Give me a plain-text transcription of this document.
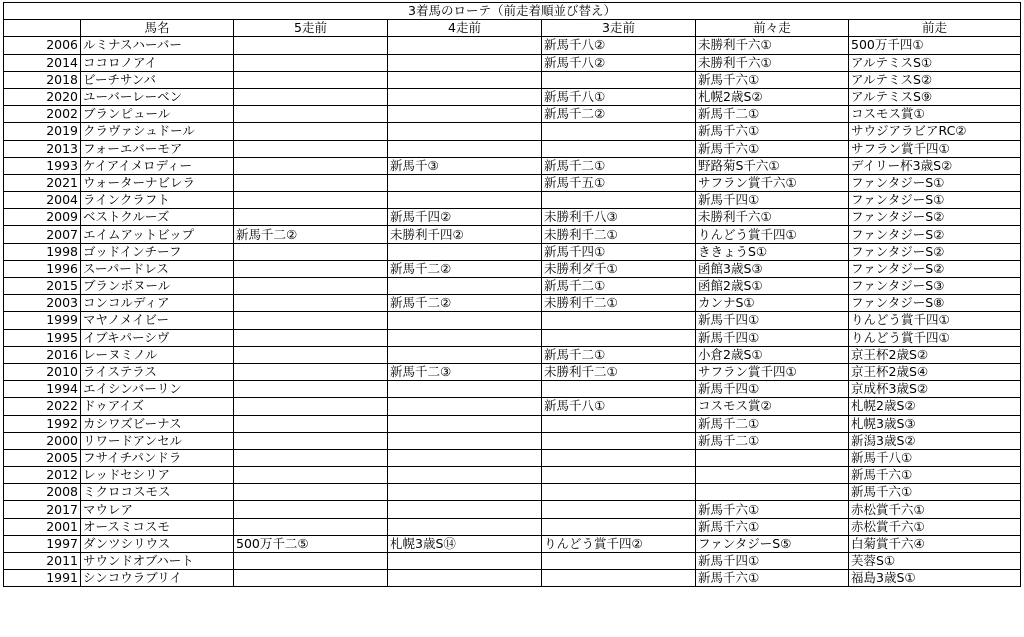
3着馬のローテ（前走着順並び替え）						
	馬名	5走前	4走前	3走前	前々走	前走
2006	ルミナスハーバー			新馬千八②	未勝利千六①	500万千四①
2014	ココロノアイ			新馬千八②	未勝利千六①	アルテミスS①
2018	ビーチサンバ				新馬千六①	アルテミスS②
2020	ユーバーレーベン			新馬千八①	札幌2歳S②	アルテミスS⑨
2002	ブランピュール			新馬千二②	新馬千二①	コスモス賞①
2019	クラヴァシュドール				新馬千六①	サウジアラビアRC②
2013	フォーエバーモア				新馬千六①	サフラン賞千四①
1993	ケイアイメロディー		新馬千③	新馬千二①	野路菊S千六①	デイリー杯3歳S②
2021	ウォーターナビレラ			新馬千五①	サフラン賞千六①	ファンタジーS①
2004	ラインクラフト				新馬千四①	ファンタジーS①
2009	ベストクルーズ		新馬千四②	未勝利千八③	未勝利千六①	ファンタジーS②
2007	エイムアットビップ	新馬千二②	未勝利千四②	未勝利千二①	りんどう賞千四①	ファンタジーS②
1998	ゴッドインチーフ			新馬千四①	ききょうS①	ファンタジーS②
1996	スーパードレス		新馬千二②	未勝利ダ千①	函館3歳S③	ファンタジーS②
2015	ブランボヌール			新馬千二①	函館2歳S①	ファンタジーS③
2003	コンコルディア		新馬千二②	未勝利千二①	カンナS①	ファンタジーS⑧
1999	マヤノメイビー				新馬千四①	りんどう賞千四①
1995	イブキパーシヴ				新馬千四①	りんどう賞千四①
2016	レーヌミノル			新馬千二①	小倉2歳S①	京王杯2歳S②
2010	ライステラス		新馬千二③	未勝利千二①	サフラン賞千四①	京王杯2歳S④
1994	エイシンバーリン				新馬千四①	京成杯3歳S②
2022	ドゥアイズ			新馬千八①	コスモス賞②	札幌2歳S②
1992	カシワズビーナス				新馬千二①	札幌3歳S③
2000	リワードアンセル				新馬千二①	新潟3歳S②
2005	フサイチパンドラ					新馬千八①
2012	レッドセシリア					新馬千六①
2008	ミクロコスモス					新馬千六①
2017	マウレア				新馬千六①	赤松賞千六①
2001	オースミコスモ				新馬千六①	赤松賞千六①
1997	ダンツシリウス	500万千二⑤	札幌3歳S⑭	りんどう賞千四②	ファンタジーS⑤	白菊賞千六④
2011	サウンドオブハート				新馬千四①	芙蓉S①
1991	シンコウラブリイ				新馬千六①	福島3歳S①
